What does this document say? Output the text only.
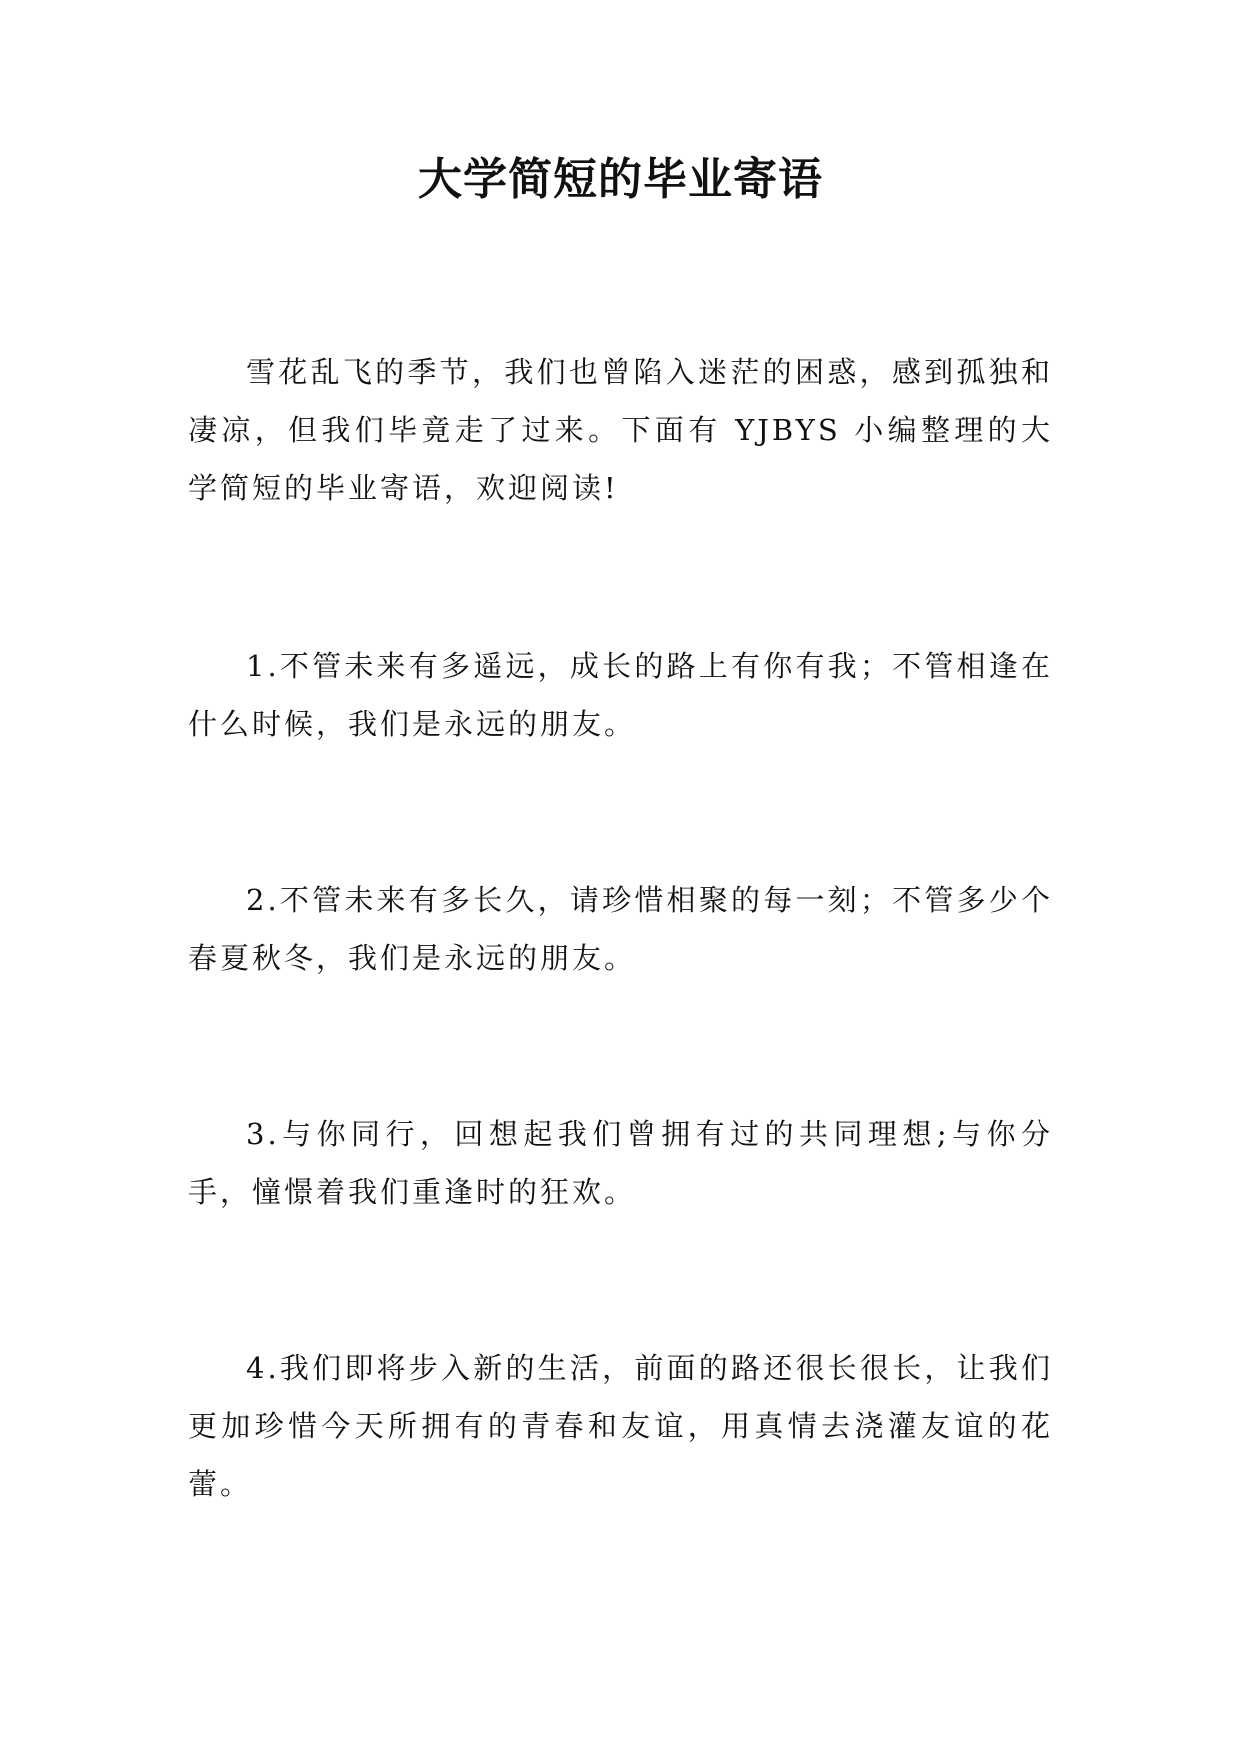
大学简短的毕业寄语

雪花乱飞的季节，我们也曾陷入迷茫的困惑，感到孤独和凄凉，但我们毕竟走了过来。下面有 YJBYS 小编整理的大学简短的毕业寄语，欢迎阅读!

1.不管未来有多遥远，成长的路上有你有我；不管相逢在什么时候，我们是永远的朋友。

2.不管未来有多长久，请珍惜相聚的每一刻；不管多少个春夏秋冬，我们是永远的朋友。

3.与你同行，回想起我们曾拥有过的共同理想;与你分手，憧憬着我们重逢时的狂欢。

4.我们即将步入新的生活，前面的路还很长很长，让我们更加珍惜今天所拥有的青春和友谊，用真情去浇灌友谊的花蕾。
